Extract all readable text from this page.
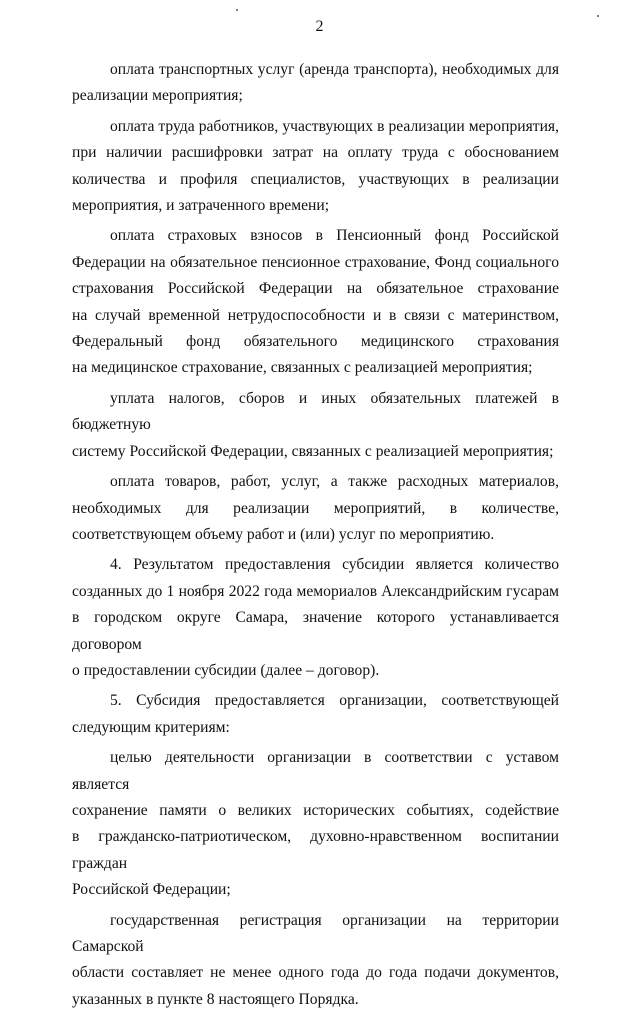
2

оплата транспортных услуг (аренда транспорта), необходимых для
реализации мероприятия;

оплата труда работников, участвующих в реализации мероприятия,
при наличии расшифровки затрат на оплату труда с обоснованием
количества и профиля специалистов, участвующих в реализации
мероприятия, и затраченного времени;

оплата страховых взносов в Пенсионный фонд Российской
Федерации на обязательное пенсионное страхование, Фонд социального
страхования Российской Федерации на обязательное страхование
на случай временной нетрудоспособности и в связи с материнством,
Федеральный фонд обязательного медицинского страхования
на медицинское страхование, связанных с реализацией мероприятия;

уплата налогов, сборов и иных обязательных платежей в бюджетную
систему Российской Федерации, связанных с реализацией мероприятия;

оплата товаров, работ, услуг, а также расходных материалов,
необходимых для реализации мероприятий, в количестве,
соответствующем объему работ и (или) услуг по мероприятию.

4. Результатом предоставления субсидии является количество
созданных до 1 ноября 2022 года мемориалов Александрийским гусарам
в городском округе Самара, значение которого устанавливается договором
о предоставлении субсидии (далее – договор).

5. Субсидия предоставляется организации, соответствующей
следующим критериям:

целью деятельности организации в соответствии с уставом является
сохранение памяти о великих исторических событиях, содействие
в гражданско-патриотическом, духовно-нравственном воспитании граждан
Российской Федерации;

государственная регистрация организации на территории Самарской
области составляет не менее одного года до года подачи документов,
указанных в пункте 8 настоящего Порядка.
